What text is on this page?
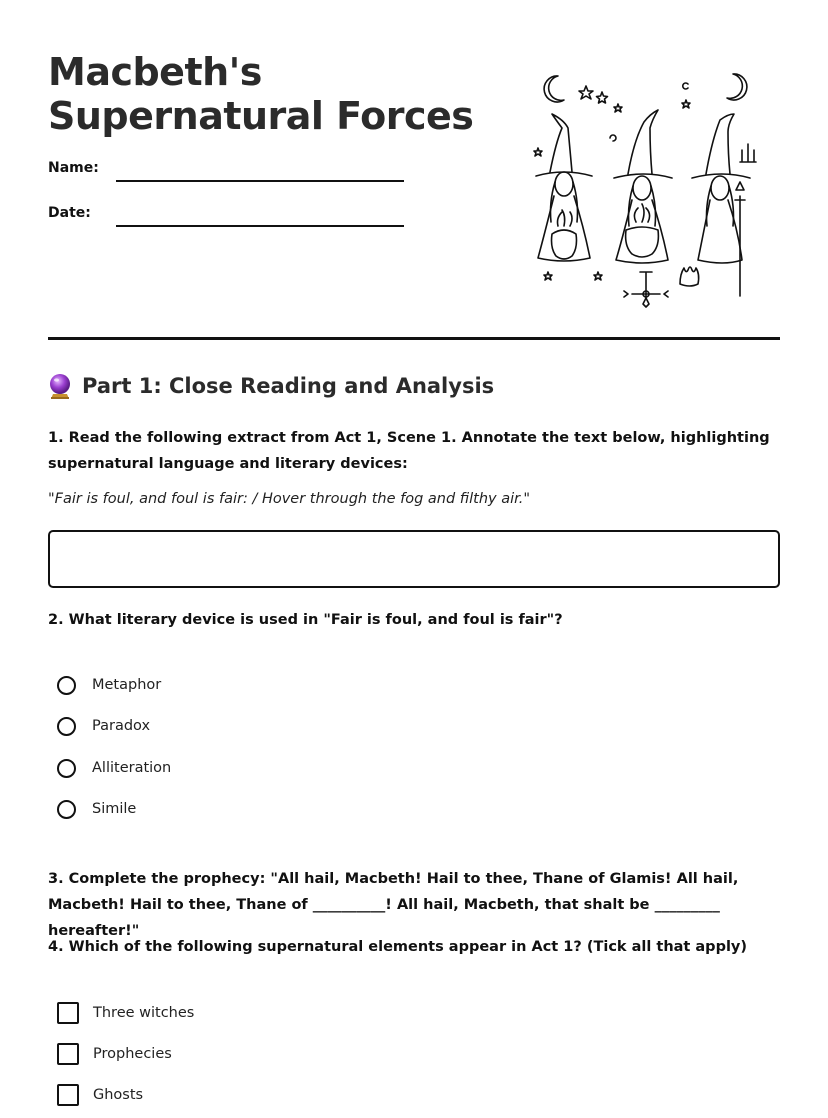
Macbeth's Supernatural Forces
Name:
Date:
Part 1: Close Reading and Analysis

1. Read the following extract from Act 1, Scene 1. Annotate the text below, highlighting supernatural language and literary devices:

"Fair is foul, and foul is fair: / Hover through the fog and filthy air."

2. What literary device is used in "Fair is foul, and foul is fair"?

Metaphor
Paradox
Alliteration
Simile

3. Complete the prophecy: "All hail, Macbeth! Hail to thee, Thane of Glamis! All hail, Macbeth! Hail to thee, Thane of __________! All hail, Macbeth, that shalt be _________ hereafter!"

4. Which of the following supernatural elements appear in Act 1? (Tick all that apply)

Three witches
Prophecies
Ghosts
